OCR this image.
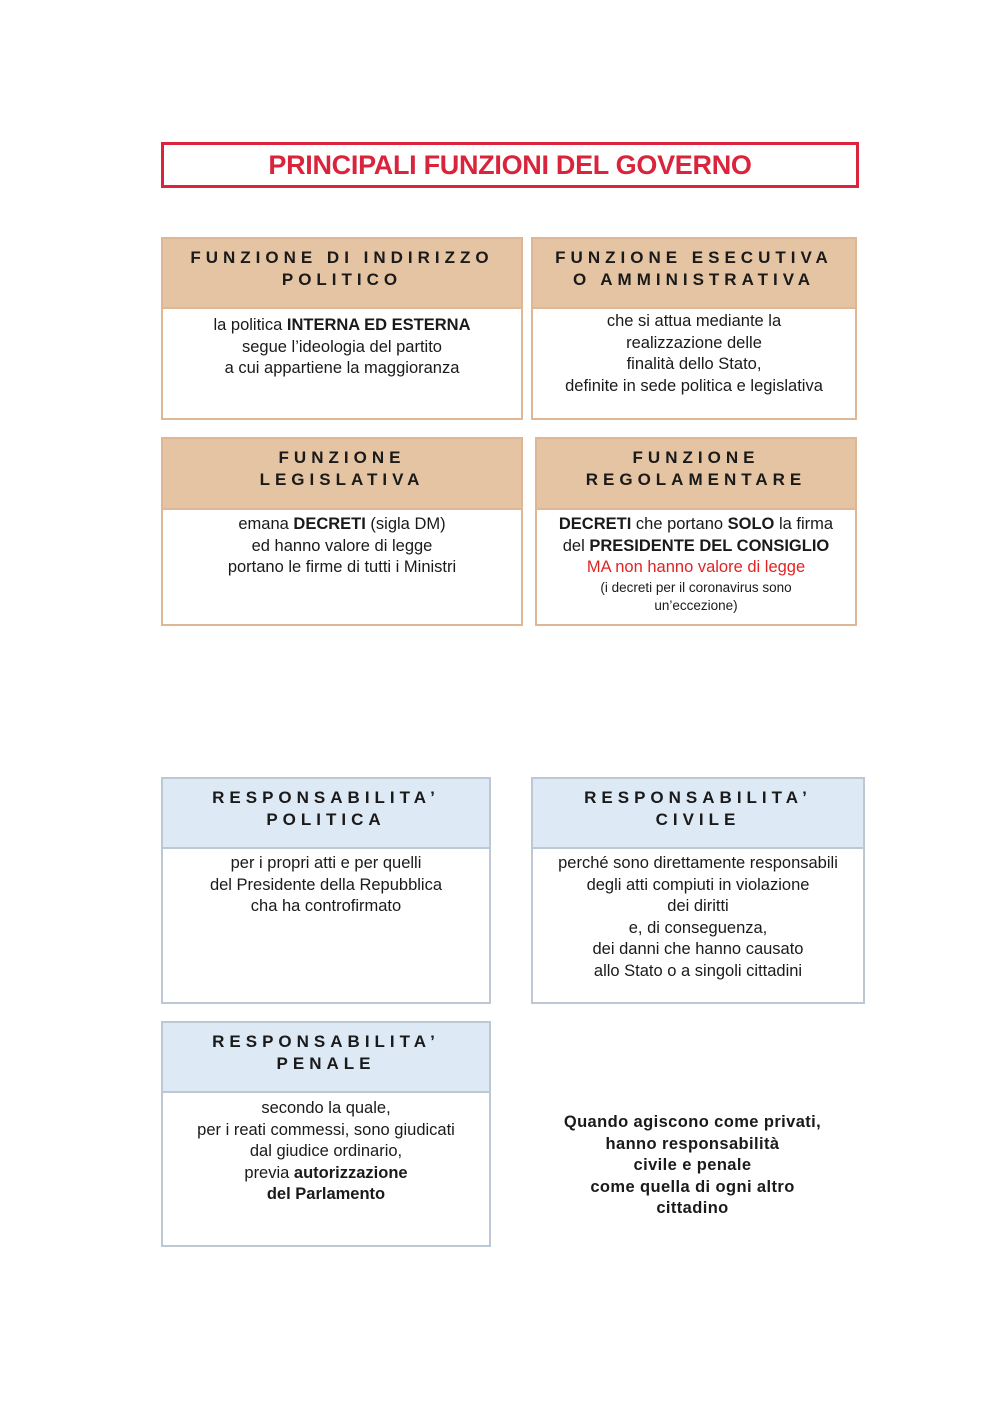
PRINCIPALI FUNZIONI DEL GOVERNO
FUNZIONE DI INDIRIZZO
POLITICO
la politica INTERNA ED ESTERNA
segue l’ideologia del partito
a cui appartiene la maggioranza
FUNZIONE ESECUTIVA
O AMMINISTRATIVA
che si attua mediante la
realizzazione delle
finalità dello Stato,
definite in sede politica e legislativa
FUNZIONE
LEGISLATIVA
emana DECRETI (sigla DM)
ed hanno valore di legge
portano le firme di tutti i Ministri
FUNZIONE
REGOLAMENTARE
DECRETI che portano SOLO la firma
del PRESIDENTE DEL CONSIGLIO
MA non hanno valore di legge
(i decreti per il coronavirus sono
un’eccezione)
RESPONSABILITA’
POLITICA
per i propri atti e per quelli
del Presidente della Repubblica
cha ha controfirmato
RESPONSABILITA’
CIVILE
perché sono direttamente responsabili
degli atti compiuti in violazione
dei diritti
e, di conseguenza,
dei danni che hanno causato
allo Stato o a singoli cittadini
RESPONSABILITA’
PENALE
secondo la quale,
per i reati commessi, sono giudicati
dal giudice ordinario,
previa autorizzazione
del Parlamento
Quando agiscono come privati,
hanno responsabilità
civile e penale
come quella di ogni altro
cittadino
